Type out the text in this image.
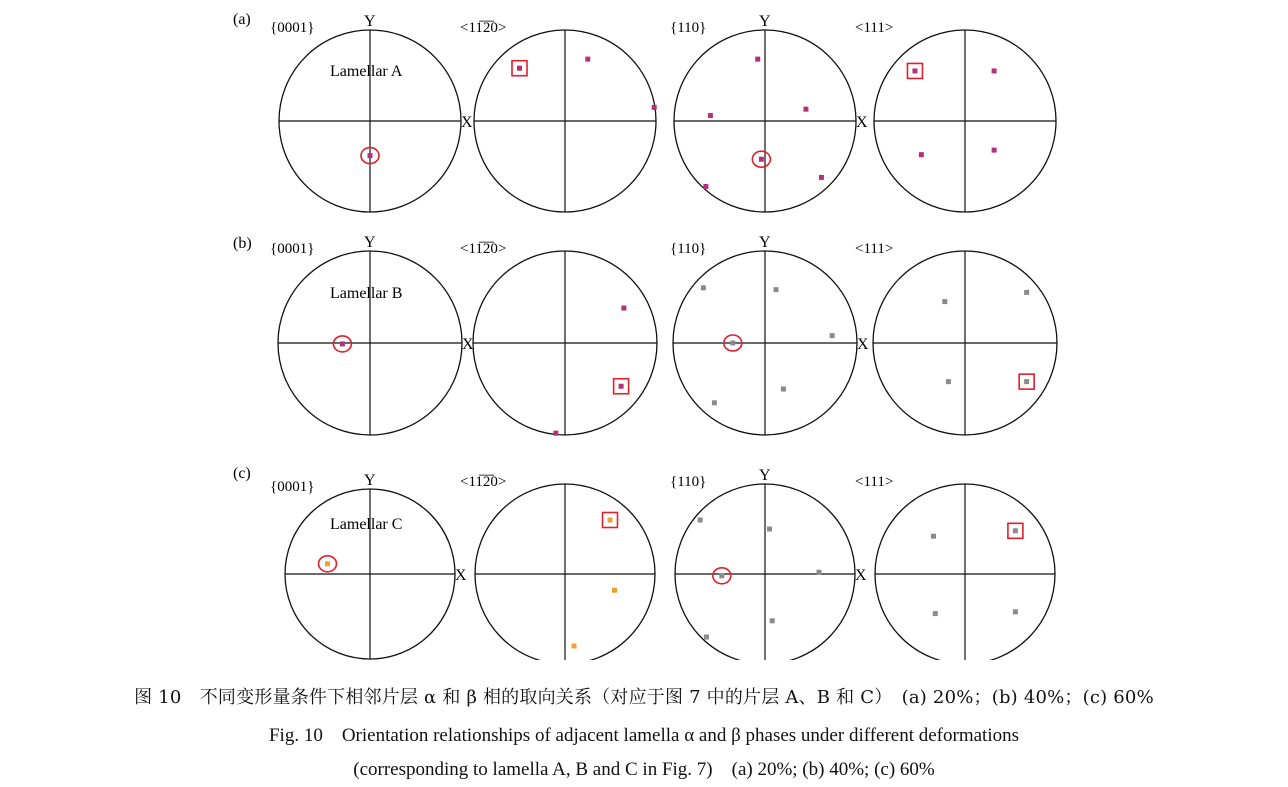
(a) {0001}	Y
X
Lamellar A
<11̅2̅0>	{110}	Y
X
<111>
(b) {0001}	Y
X
Lamellar B
<11̅2̅0>	{110}	Y
X
<111>
(c)
{0001}	Y
X
Lamellar C
<11̅2̅0>	{110}	Y
X
<111>
图 10　不同变形量条件下相邻片层 α 和 β 相的取向关系（对应于图 7 中的片层 A、B 和 C）　(a) 20%；(b) 40%；(c) 60%
Fig. 10　Orientation relationships of adjacent lamella α and β phases under different deformations
(corresponding to lamella A, B and C in Fig. 7)　(a) 20%; (b) 40%; (c) 60%
